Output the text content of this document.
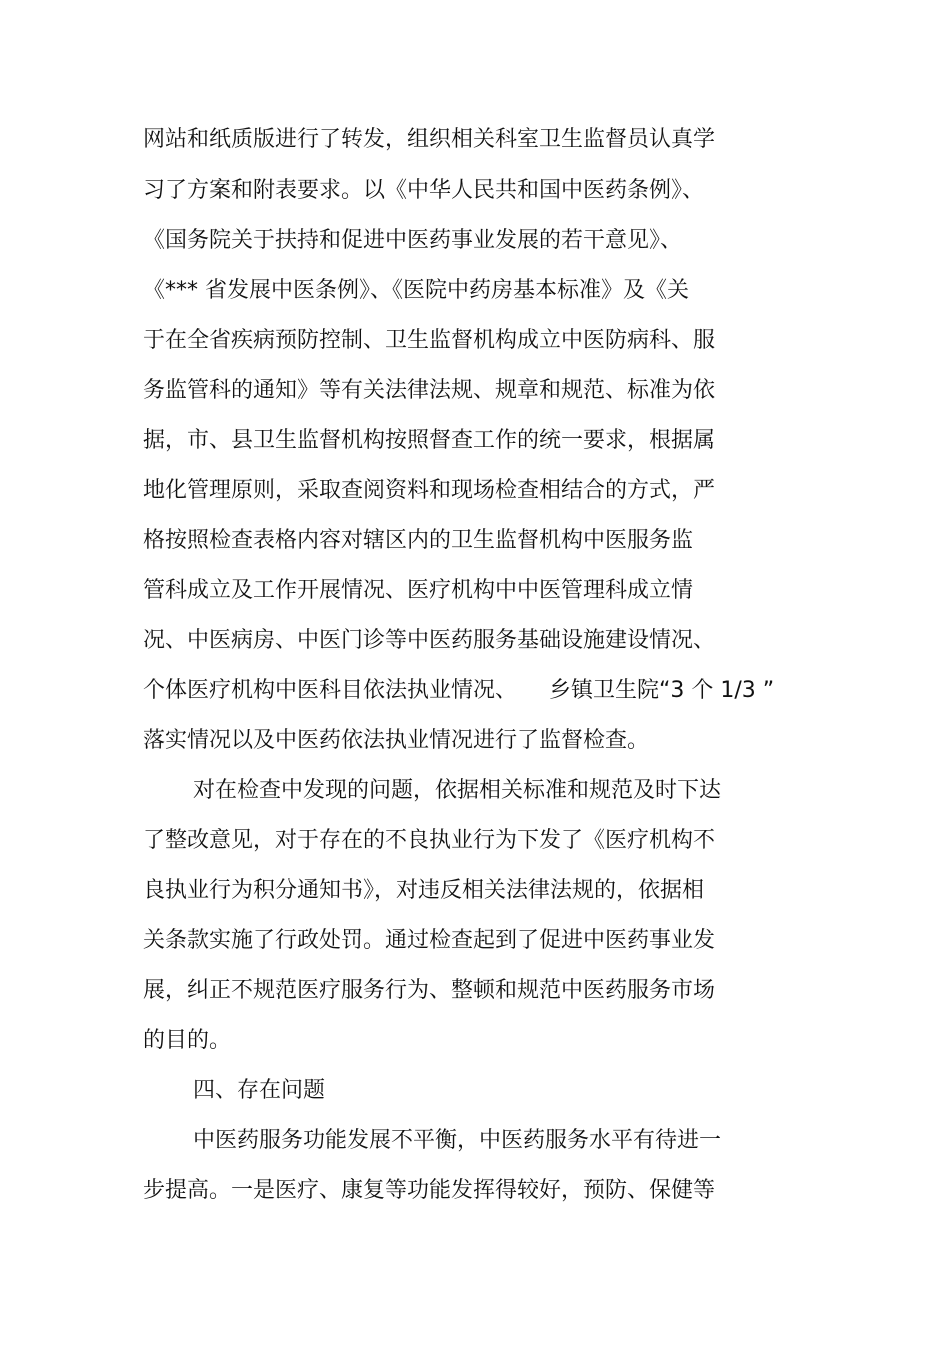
网站和纸质版进行了转发，组织相关科室卫生监督员认真学
习了方案和附表要求。以《中华人民共和国中医药条例》、
《国务院关于扶持和促进中医药事业发展的若干意见》、
《*** 省发展中医条例》、《医院中药房基本标准》及《关
于在全省疾病预防控制、卫生监督机构成立中医防病科、服
务监管科的通知》等有关法律法规、规章和规范、标准为依
据，市、县卫生监督机构按照督查工作的统一要求，根据属
地化管理原则，采取查阅资料和现场检查相结合的方式，严
格按照检查表格内容对辖区内的卫生监督机构中医服务监
管科成立及工作开展情况、医疗机构中中医管理科成立情
况、中医病房、中医门诊等中医药服务基础设施建设情况、
个体医疗机构中医科目依法执业情况、 乡镇卫生院“3 个 1/3 ”
落实情况以及中医药依法执业情况进行了监督检查。
对在检查中发现的问题，依据相关标准和规范及时下达
了整改意见，对于存在的不良执业行为下发了《医疗机构不
良执业行为积分通知书》，对违反相关法律法规的，依据相
关条款实施了行政处罚。通过检查起到了促进中医药事业发
展，纠正不规范医疗服务行为、整顿和规范中医药服务市场
的目的。
四、存在问题
中医药服务功能发展不平衡，中医药服务水平有待进一
步提高。一是医疗、康复等功能发挥得较好，预防、保健等
